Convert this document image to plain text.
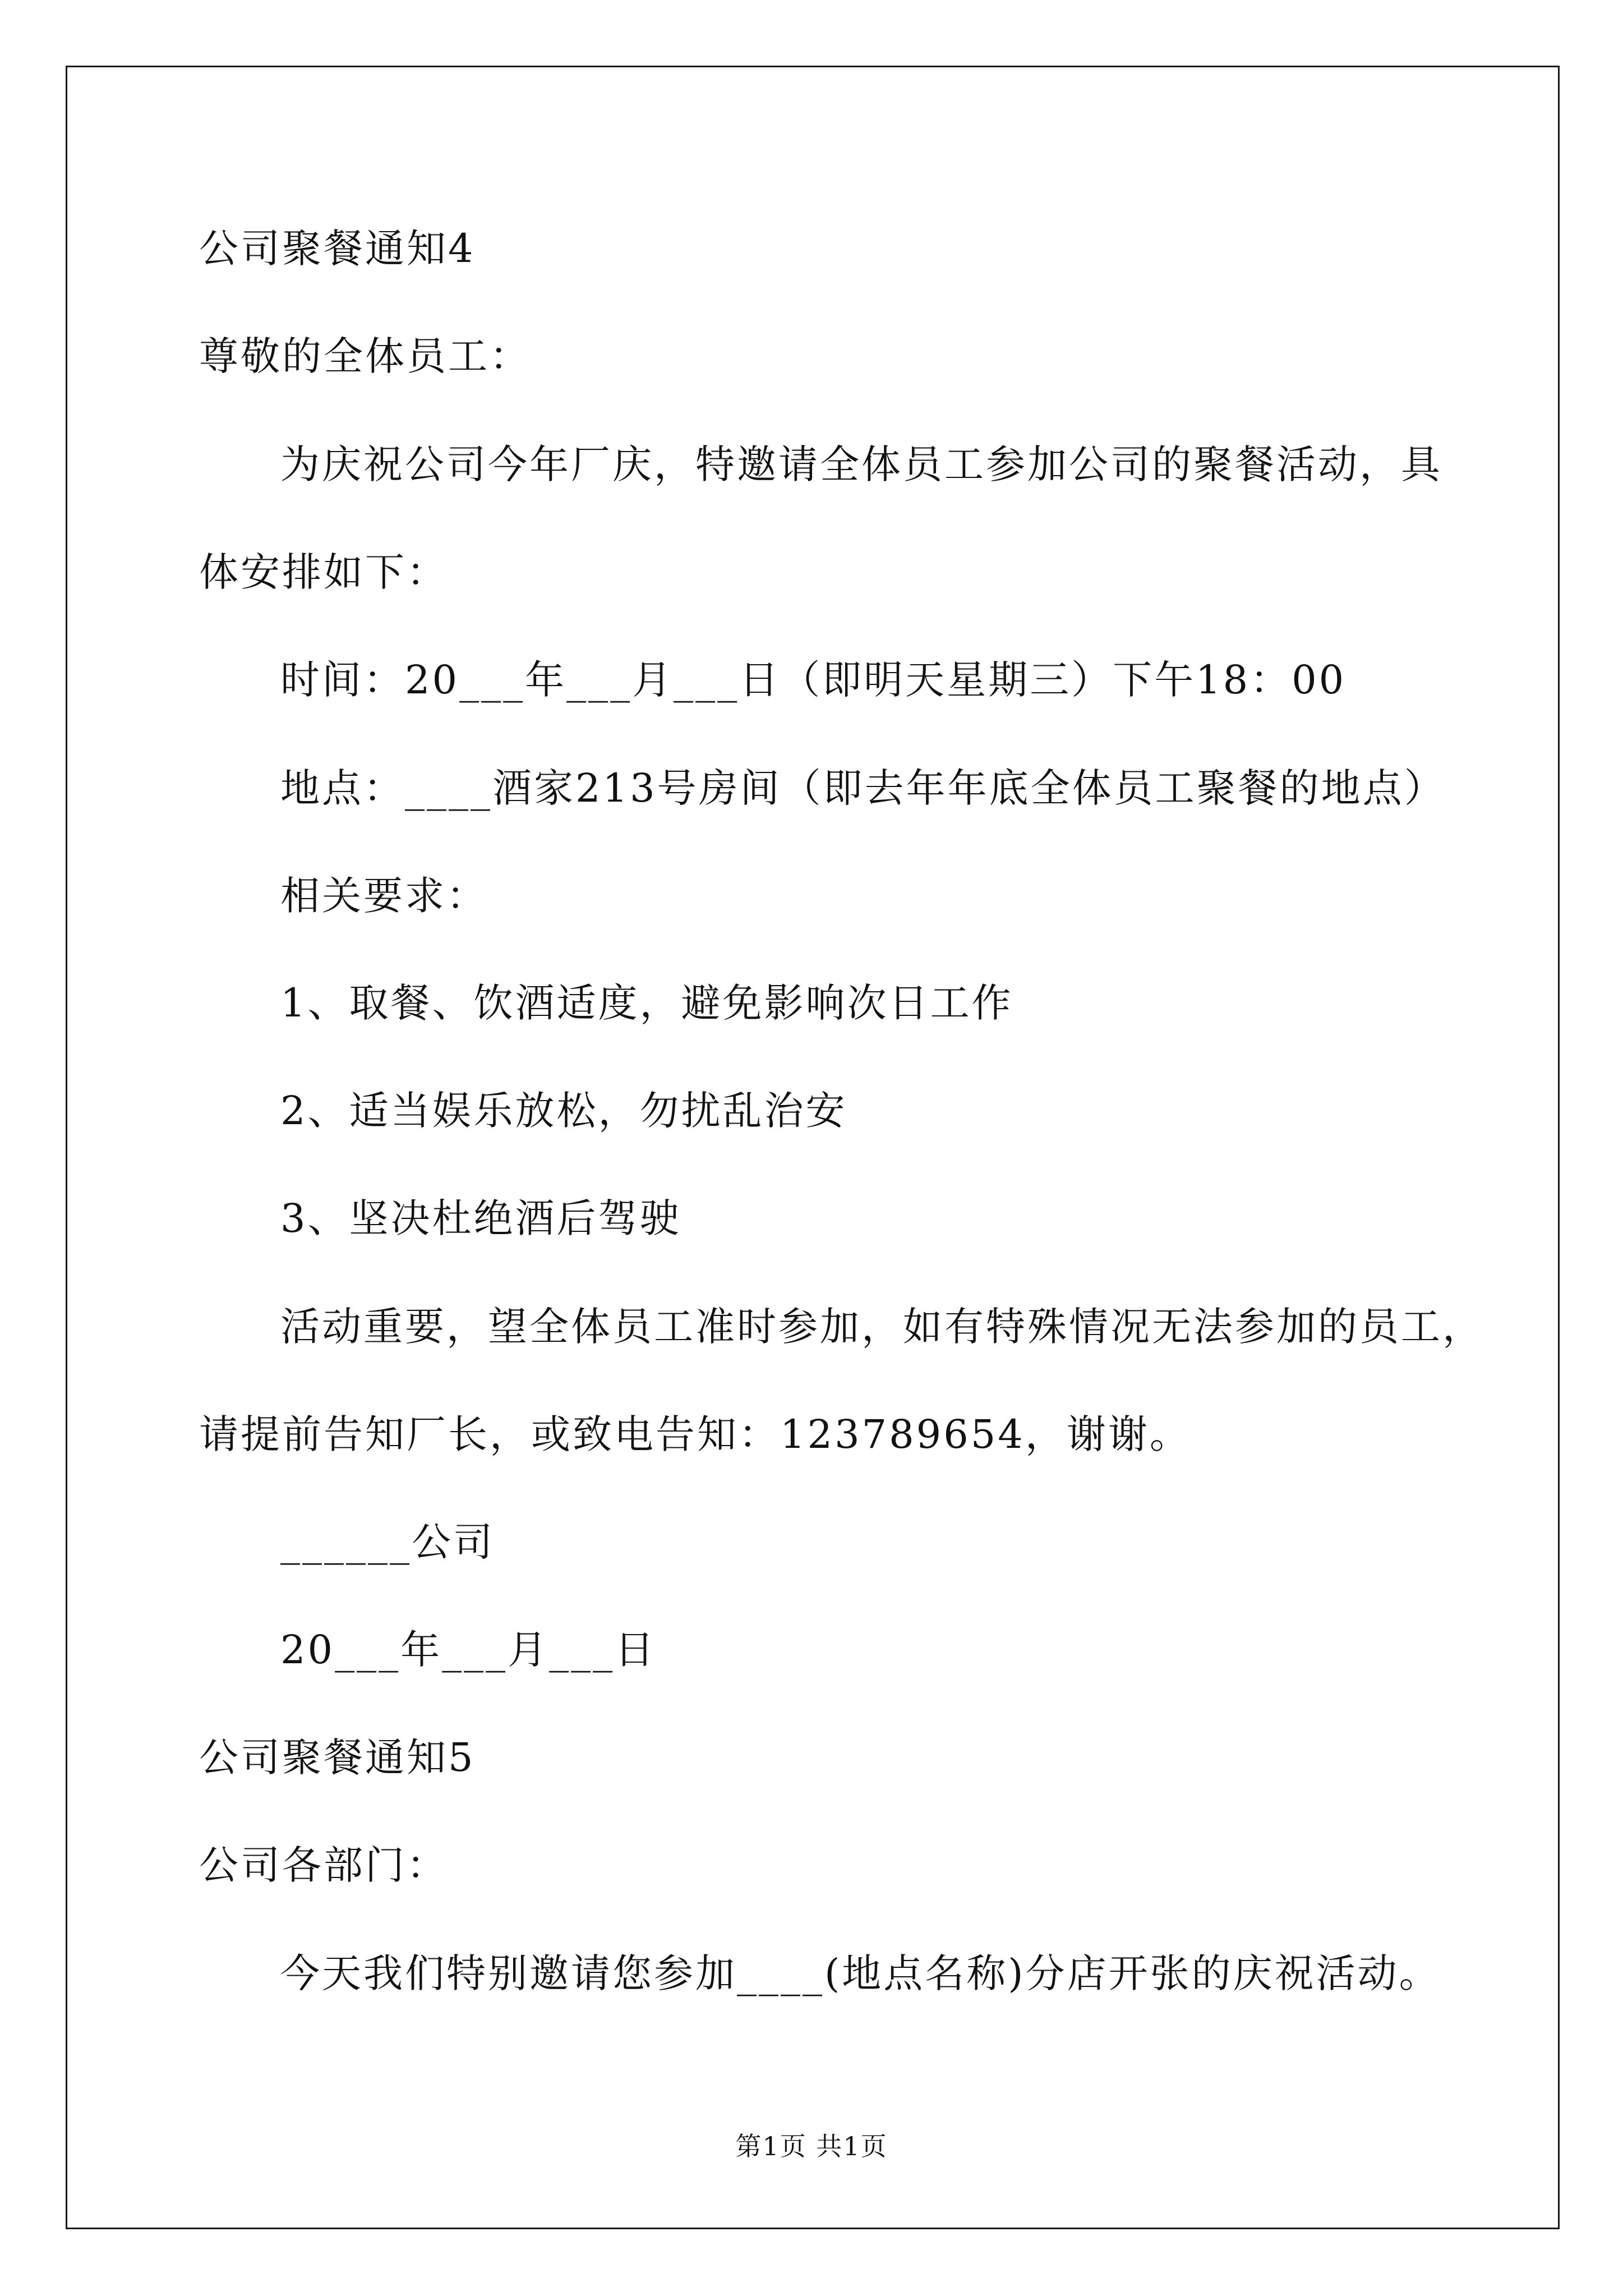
公司聚餐通知4
尊敬的全体员工：
为庆祝公司今年厂庆，特邀请全体员工参加公司的聚餐活动，具
体安排如下：
时间：20___年___月___日（即明天星期三）下午18：00
地点：____酒家213号房间（即去年年底全体员工聚餐的地点）
相关要求：
1、取餐、饮酒适度，避免影响次日工作
2、适当娱乐放松，勿扰乱治安
3、坚决杜绝酒后驾驶
活动重要，望全体员工准时参加，如有特殊情况无法参加的员工，
请提前告知厂长，或致电告知：123789654，谢谢。
______公司
20___年___月___日
公司聚餐通知5
公司各部门：
今天我们特别邀请您参加____(地点名称)分店开张的庆祝活动。
第1页 共1页
